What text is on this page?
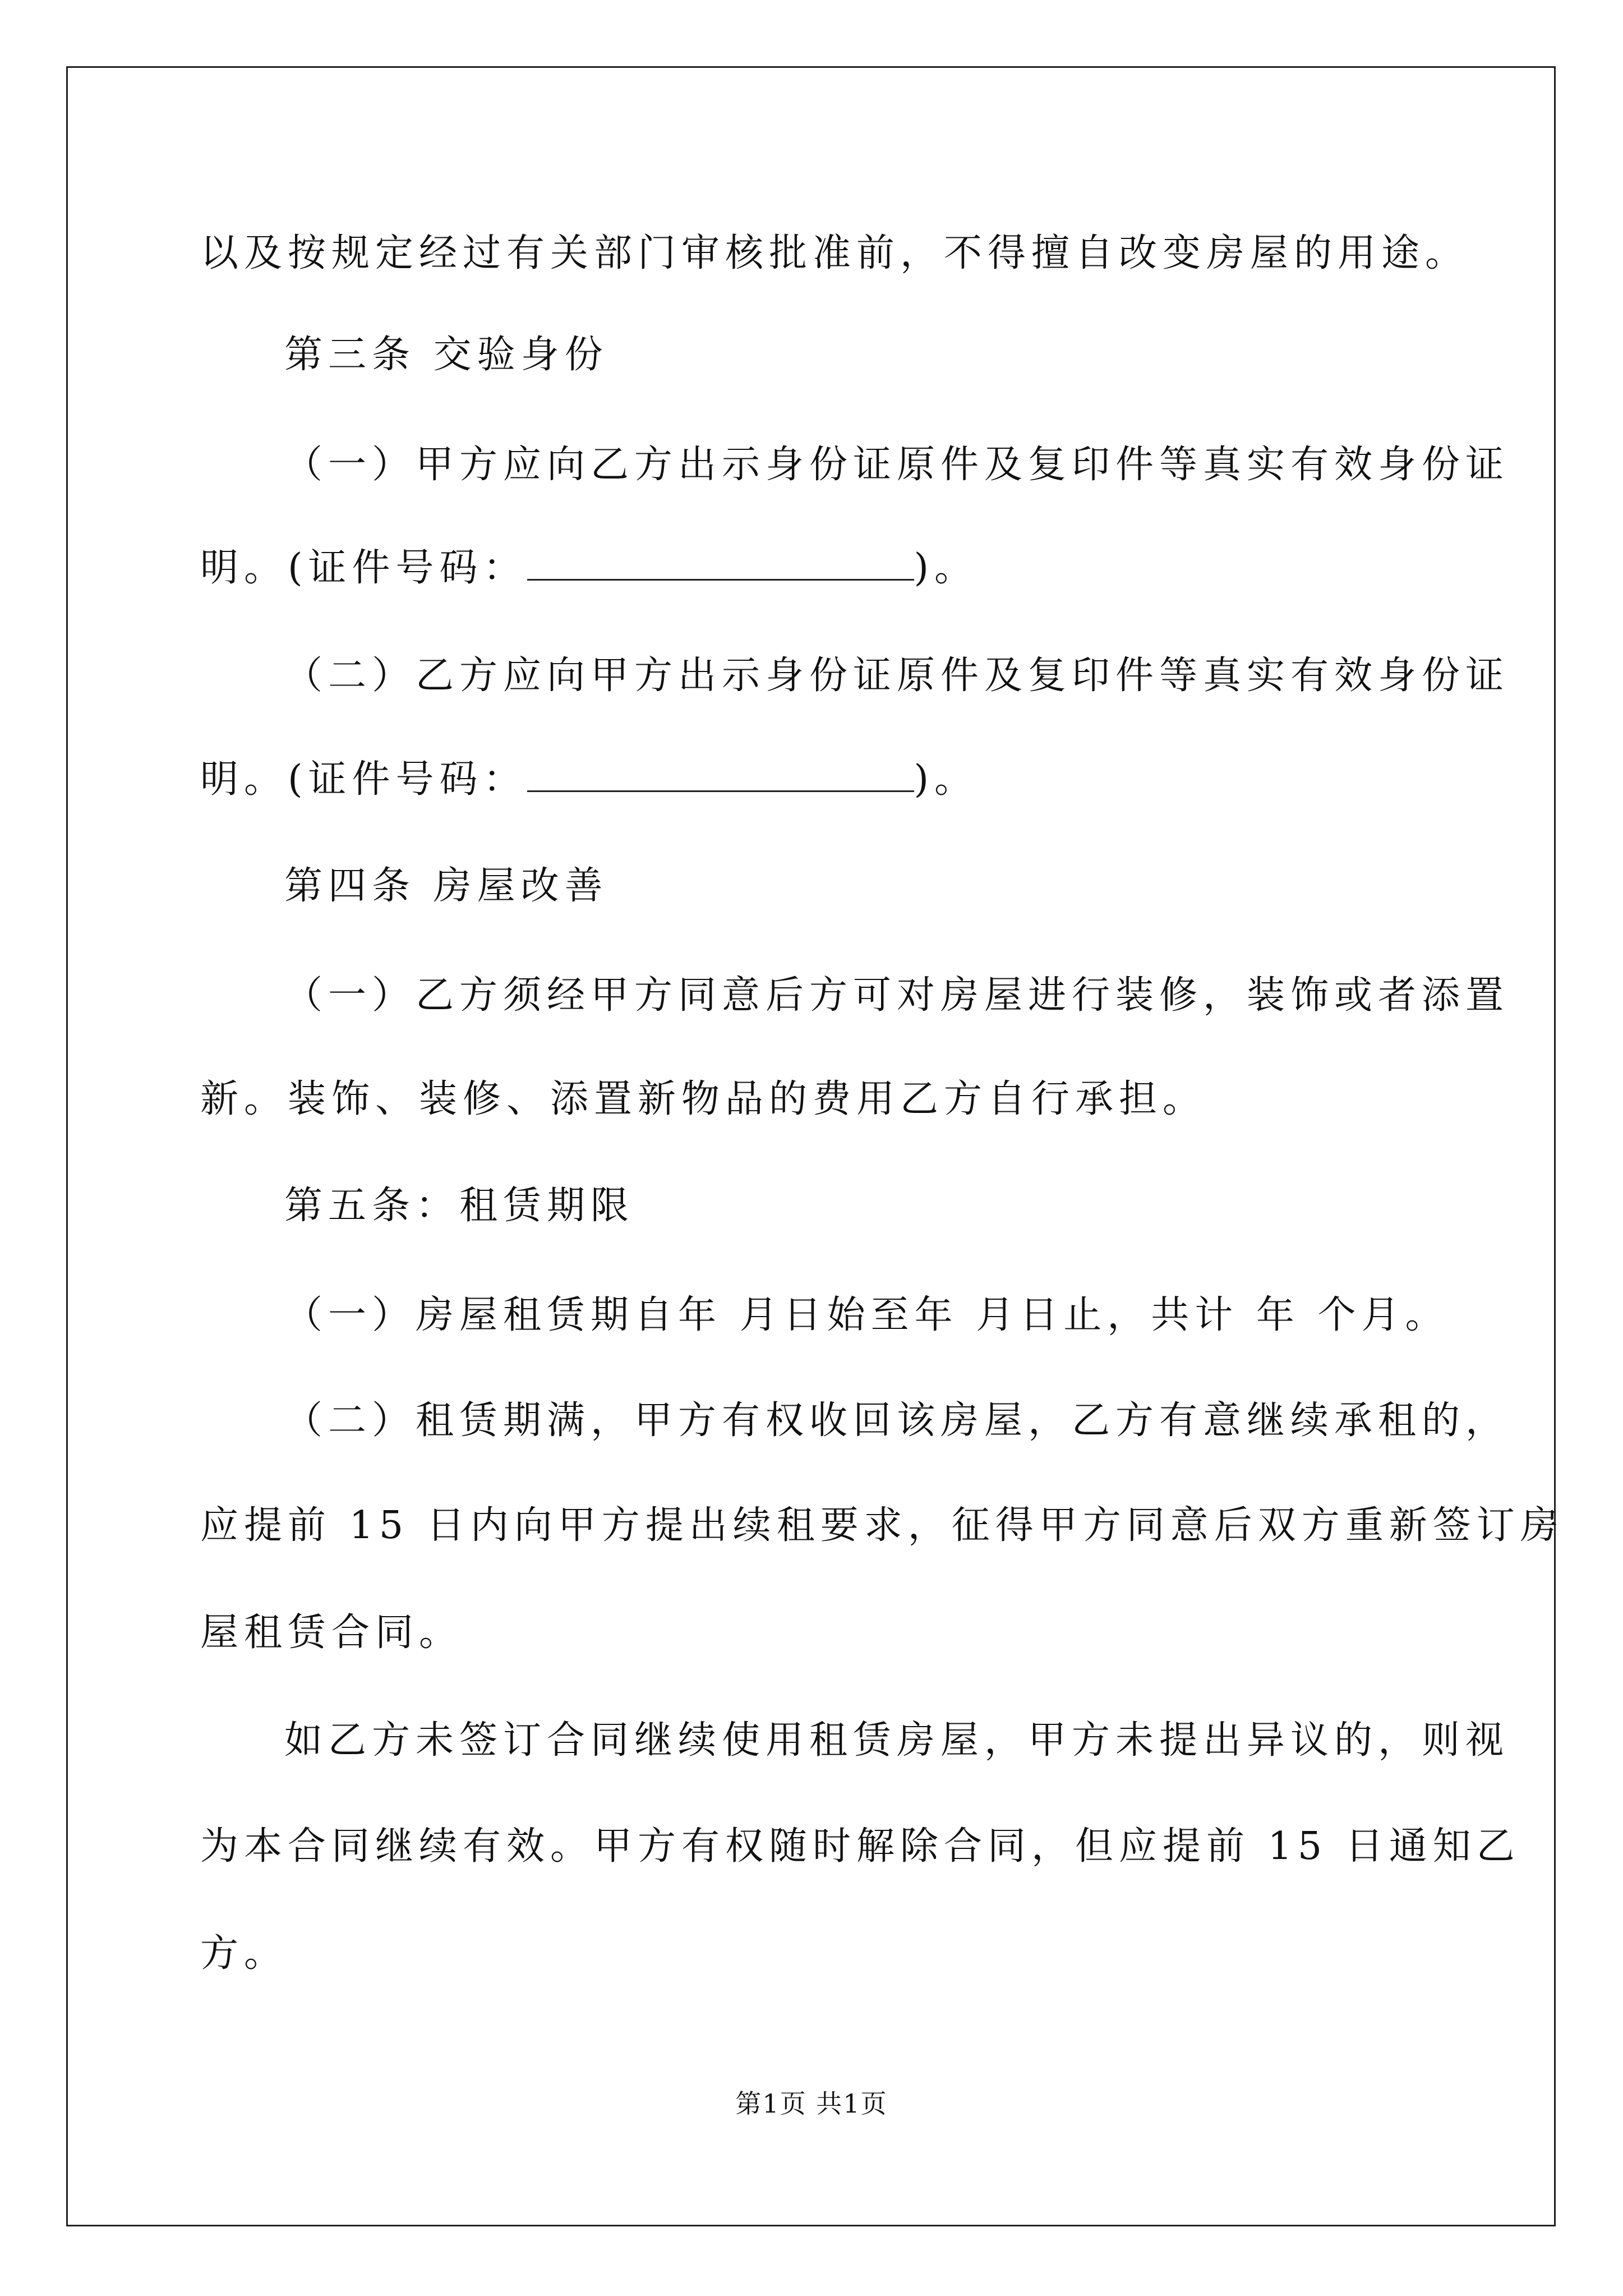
以及按规定经过有关部门审核批准前，不得擅自改变房屋的用途。
第三条 交验身份
（一）甲方应向乙方出示身份证原件及复印件等真实有效身份证
明。(证件号码：	)。
（二）乙方应向甲方出示身份证原件及复印件等真实有效身份证
明。(证件号码：	)。
第四条 房屋改善
（一）乙方须经甲方同意后方可对房屋进行装修，装饰或者添置
新。装饰、装修、添置新物品的费用乙方自行承担。
第五条：租赁期限
（一）房屋租赁期自年 月日始至年 月日止，共计 年 个月。
（二）租赁期满，甲方有权收回该房屋，乙方有意继续承租的，
应提前 15 日内向甲方提出续租要求，征得甲方同意后双方重新签订房
屋租赁合同。
如乙方未签订合同继续使用租赁房屋，甲方未提出异议的，则视
为本合同继续有效。甲方有权随时解除合同，但应提前 15 日通知乙
方。
第1页 共1页
